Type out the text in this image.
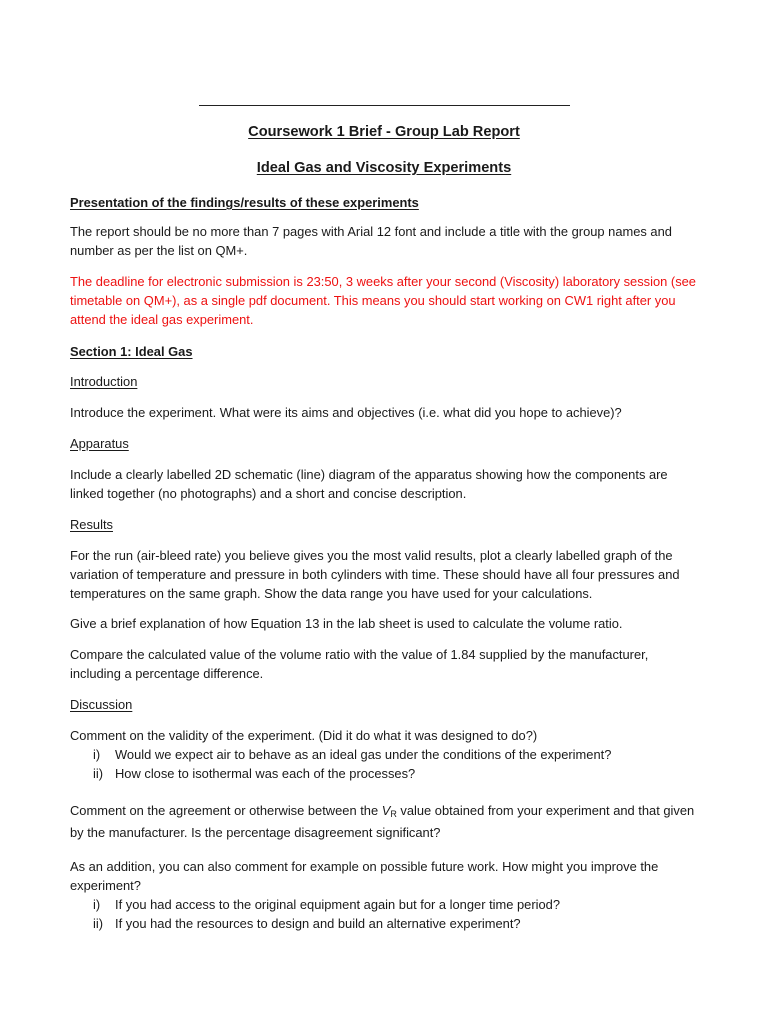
Coursework 1 Brief - Group Lab Report
Ideal Gas and Viscosity Experiments

Presentation of the findings/results of these experiments

The report should be no more than 7 pages with Arial 12 font and include a title with the group names and number as per the list on QM+.

The deadline for electronic submission is 23:50, 3 weeks after your second (Viscosity) laboratory session (see timetable on QM+), as a single pdf document. This means you should start working on CW1 right after you attend the ideal gas experiment.

Section 1: Ideal Gas

Introduction

Introduce the experiment. What were its aims and objectives (i.e. what did you hope to achieve)?

Apparatus

Include a clearly labelled 2D schematic (line) diagram of the apparatus showing how the components are linked together (no photographs) and a short and concise description.

Results

For the run (air-bleed rate) you believe gives you the most valid results, plot a clearly labelled graph of the variation of temperature and pressure in both cylinders with time. These should have all four pressures and temperatures on the same graph. Show the data range you have used for your calculations.

Give a brief explanation of how Equation 13 in the lab sheet is used to calculate the volume ratio.

Compare the calculated value of the volume ratio with the value of 1.84 supplied by the manufacturer, including a percentage difference.

Discussion

Comment on the validity of the experiment. (Did it do what it was designed to do?)

i) Would we expect air to behave as an ideal gas under the conditions of the experiment?
ii) How close to isothermal was each of the processes?

Comment on the agreement or otherwise between the VR value obtained from your experiment and that given by the manufacturer. Is the percentage disagreement significant?

As an addition, you can also comment for example on possible future work. How might you improve the experiment?

i) If you had access to the original equipment again but for a longer time period?
ii) If you had the resources to design and build an alternative experiment?
